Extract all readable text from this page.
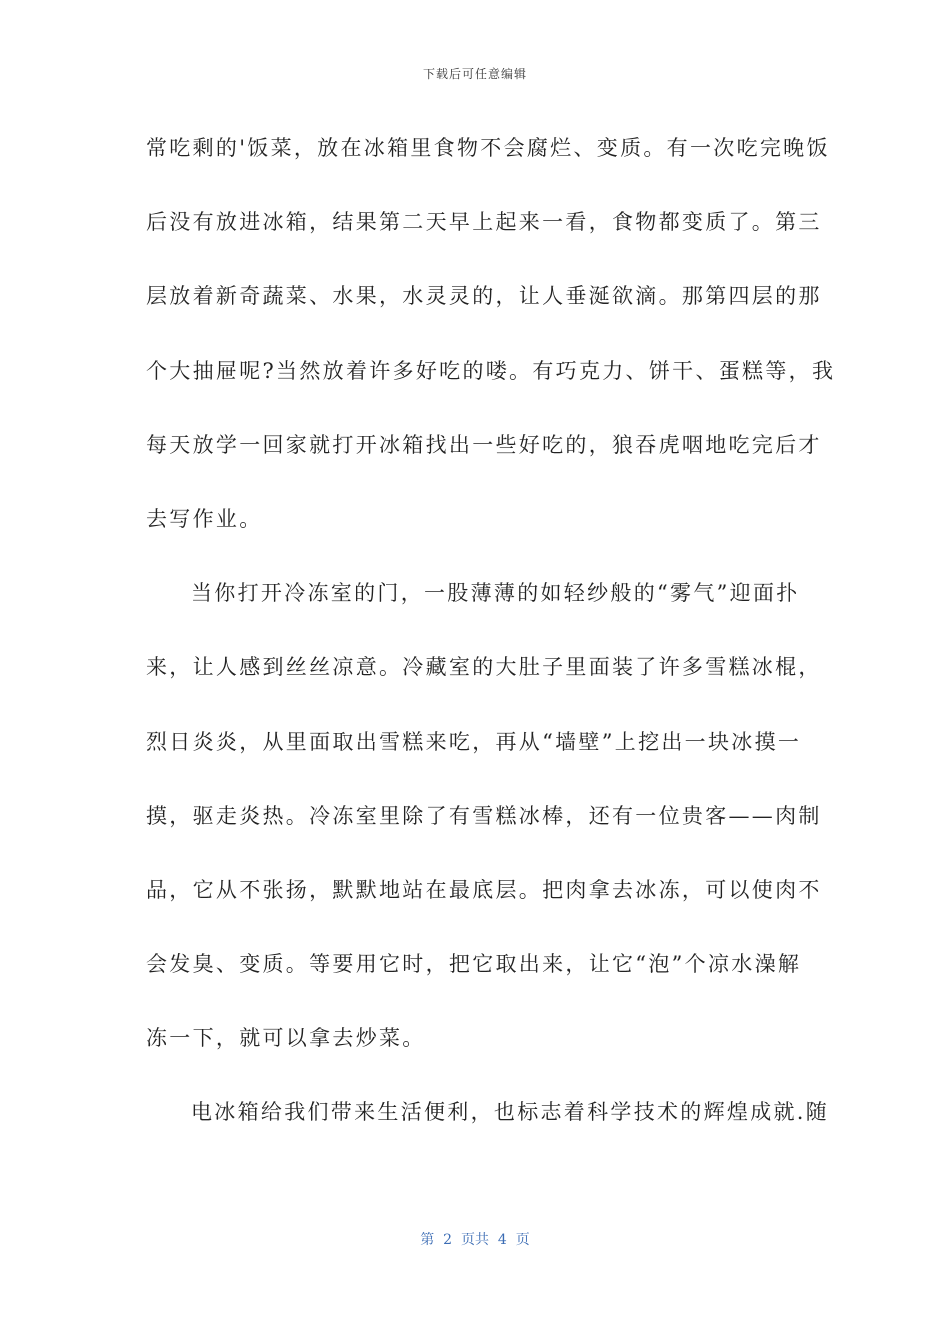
下载后可任意编辑
常吃剩的'饭菜，放在冰箱里食物不会腐烂、变质。有一次吃完晚饭
后没有放进冰箱，结果第二天早上起来一看，食物都变质了。第三
层放着新奇蔬菜、水果，水灵灵的，让人垂涎欲滴。那第四层的那
个大抽屉呢?当然放着许多好吃的喽。有巧克力、饼干、蛋糕等，我
每天放学一回家就打开冰箱找出一些好吃的，狼吞虎咽地吃完后才
去写作业。
当你打开冷冻室的门，一股薄薄的如轻纱般的“雾气”迎面扑
来，让人感到丝丝凉意。冷藏室的大肚子里面装了许多雪糕冰棍，
烈日炎炎，从里面取出雪糕来吃，再从“墙壁”上挖出一块冰摸一
摸，驱走炎热。冷冻室里除了有雪糕冰棒，还有一位贵客——肉制
品，它从不张扬，默默地站在最底层。把肉拿去冰冻，可以使肉不
会发臭、变质。等要用它时，把它取出来，让它“泡”个凉水澡解
冻一下，就可以拿去炒菜。
电冰箱给我们带来生活便利，也标志着科学技术的辉煌成就.随
第  2  页共  4  页
